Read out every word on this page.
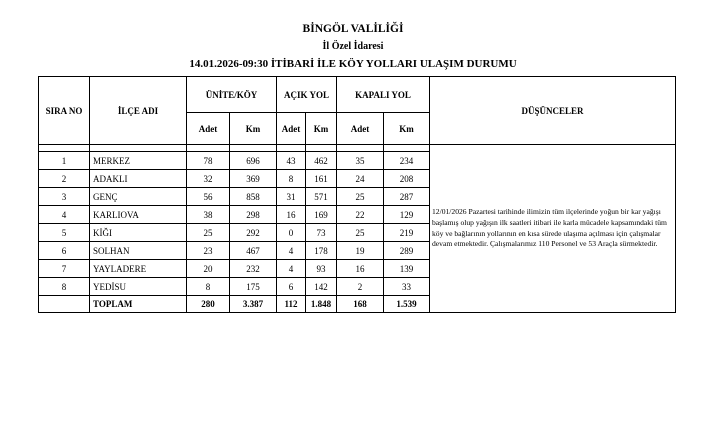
BİNGÖL VALİLİĞİ
İl Özel İdaresi
14.01.2026-09:30 İTİBARİ İLE KÖY YOLLARI ULAŞIM DURUMU
SIRA NO	İLÇE ADI	ÜNİTE/KÖY		AÇIK YOL		KAPALI YOL		DÜŞÜNCELER
		Adet	Km	Adet	Km	Adet	Km	
								12/01/2026 Pazartesi tarihinde ilimizin tüm ilçelerinde yoğun bir kar yağışı başlamış olup yağışın ilk saatleri itibari ile karla mücadele kapsamındaki tüm köy ve bağlarının yollarının en kısa sürede ulaşıma açılması için çalışmalar devam etmektedir. Çalışmalarımız 110 Personel ve 53 Araçla sürmektedir.
1	MERKEZ	78	696	43	462	35	234	
2	ADAKLI	32	369	8	161	24	208	
3	GENÇ	56	858	31	571	25	287	
4	KARLIOVA	38	298	16	169	22	129	
5	KİĞI	25	292	0	73	25	219	
6	SOLHAN	23	467	4	178	19	289	
7	YAYLADERE	20	232	4	93	16	139	
8	YEDİSU	8	175	6	142	2	33	
	TOPLAM	280	3.387	112	1.848	168	1.539	
